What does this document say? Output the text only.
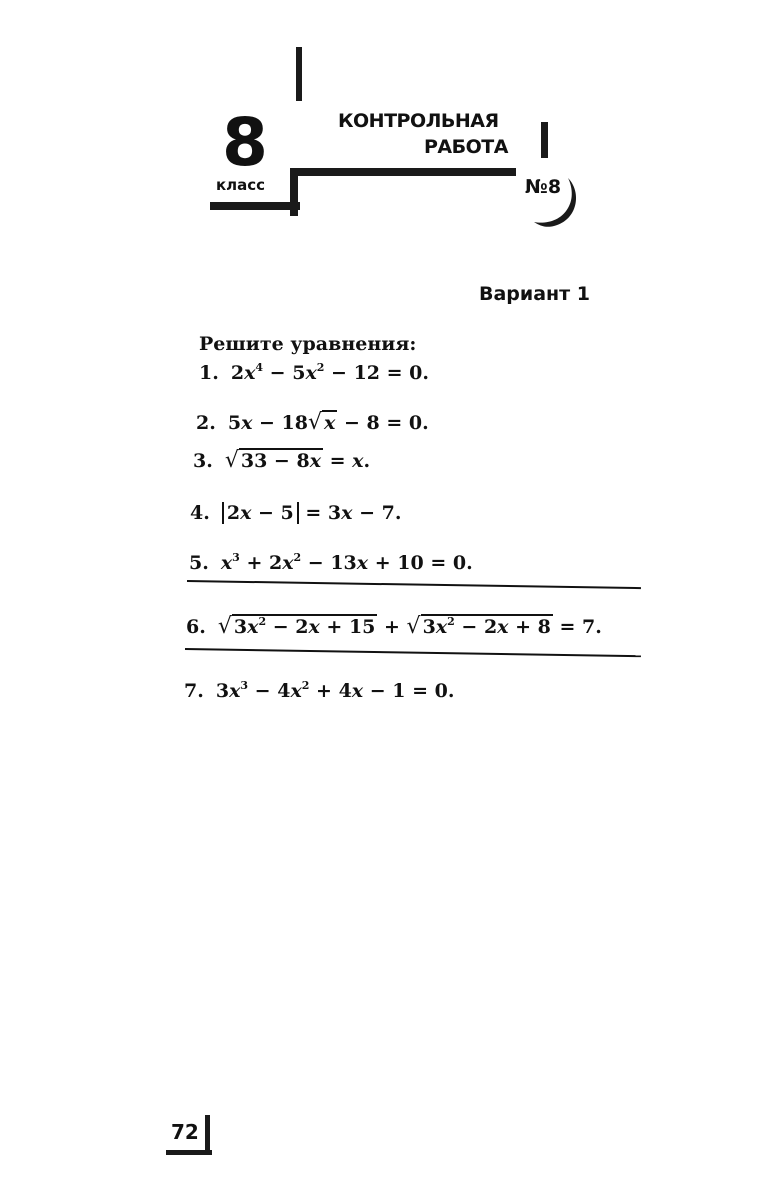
8
класс
КОНТРОЛЬНАЯ
РАБОТА
№8
Вариант 1
Решите уравнения:
1. $2x^4 - 5x^2 - 12 = 0$.
2. 5x − 18√ x − 8 = 0.
3. √ 33 − 8x = x.
4. 2x − 5 = 3x − 7.
5. $x^3 + 2x^2 - 13x + 10 = 0$.
6. √ $3x^2 - 2x + 15$ + √ $3x^2 - 2x + 8 = 7$.
7. $3x^3 - 4x^2 + 4x - 1 = 0$.
72
